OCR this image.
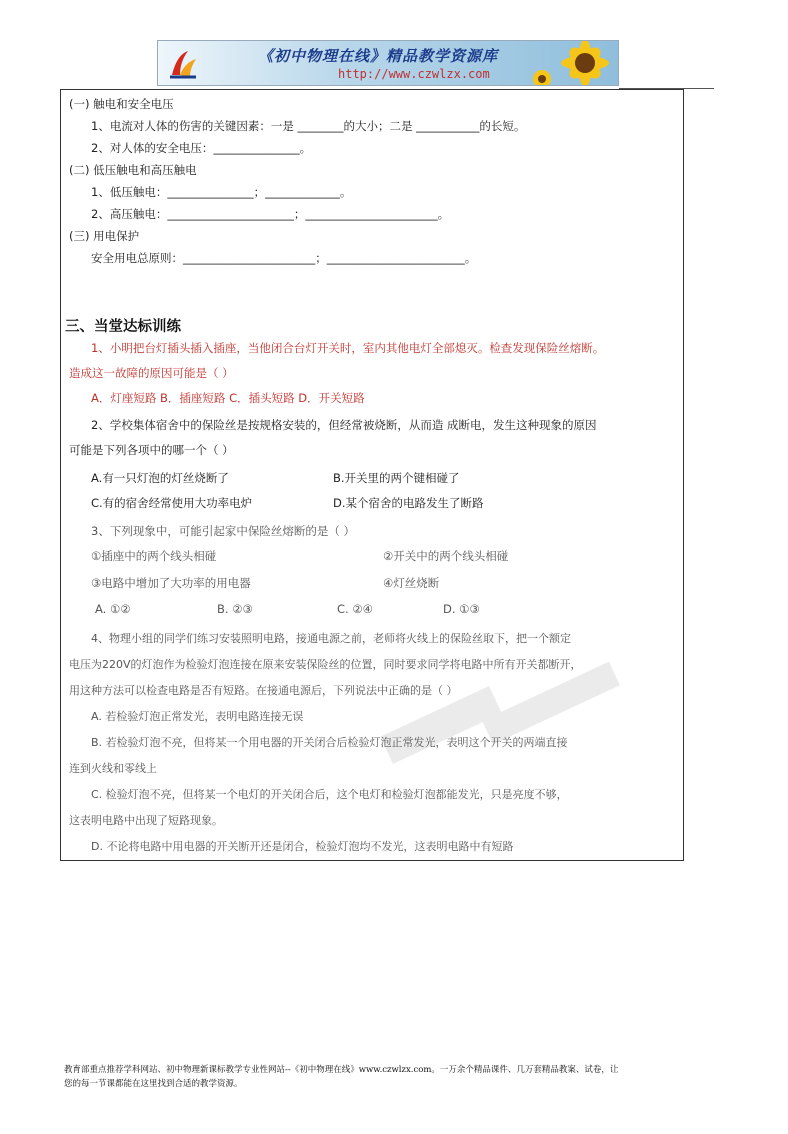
《初中物理在线》精品教学资源库
http://www.czwlzx.com
(一) 触电和安全电压
1、电流对人体的伤害的关键因素：一是 ________的大小；二是 ___________的长短。
2、对人体的安全电压：_______________。
(二) 低压触电和高压触电
1、低压触电：_______________；_____________。
2、高压触电：______________________；_______________________。
(三) 用电保护
安全用电总原则：_______________________；________________________。
三、当堂达标训练
1、小明把台灯插头插入插座，当他闭合台灯开关时，室内其他电灯全部熄灭。检查发现保险丝熔断。
造成这一故障的原因可能是（ ）
A．灯座短路 B．插座短路 C．插头短路 D．开关短路
2、学校集体宿舍中的保险丝是按规格安装的，但经常被烧断，从而造 成断电，发生这种现象的原因
可能是下列各项中的哪一个（ ）
A.有一只灯泡的灯丝烧断了	B.开关里的两个键相碰了
C.有的宿舍经常使用大功率电炉	D.某个宿舍的电路发生了断路
3、下列现象中，可能引起家中保险丝熔断的是（ ）
①插座中的两个线头相碰	②开关中的两个线头相碰
③电路中增加了大功率的用电器	④灯丝烧断
A. ①②	B. ②③	C. ②④	D. ①③
4、物理小组的同学们练习安装照明电路，接通电源之前，老师将火线上的保险丝取下，把一个额定
电压为220V的灯泡作为检验灯泡连接在原来安装保险丝的位置，同时要求同学将电路中所有开关都断开，
用这种方法可以检查电路是否有短路。在接通电源后，下列说法中正确的是（ ）
A. 若检验灯泡正常发光，表明电路连接无误
B. 若检验灯泡不亮，但将某一个用电器的开关闭合后检验灯泡正常发光，表明这个开关的两端直接
连到火线和零线上
C. 检验灯泡不亮，但将某一个电灯的开关闭合后，这个电灯和检验灯泡都能发光，只是亮度不够，
这表明电路中出现了短路现象。
D. 不论将电路中用电器的开关断开还是闭合，检验灯泡均不发光，这表明电路中有短路
教育部重点推荐学科网站、初中物理新课标教学专业性网站--《初中物理在线》www.czwlzx.com。一万余个精品课件、几万套精品教案、试卷，让
您的每一节课都能在这里找到合适的教学资源。
